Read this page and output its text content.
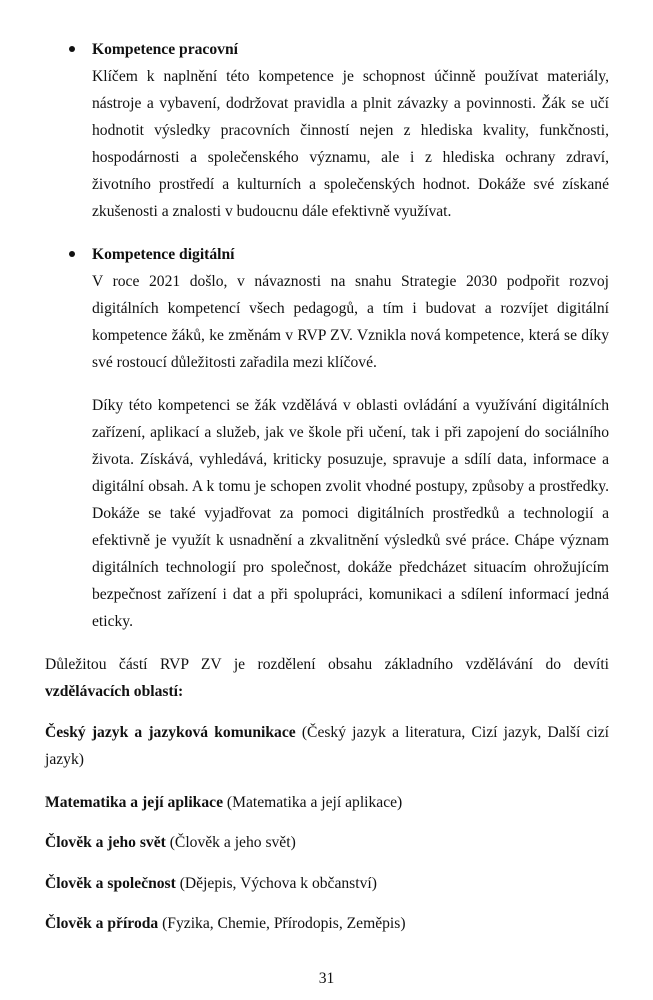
Kompetence pracovní

Klíčem k naplnění této kompetence je schopnost účinně používat materiály, nástroje a vybavení, dodržovat pravidla a plnit závazky a povinnosti. Žák se učí hodnotit výsledky pracovních činností nejen z hlediska kvality, funkčnosti, hospodárnosti a společenského významu, ale i z hlediska ochrany zdraví, životního prostředí a kulturních a společenských hodnot. Dokáže své získané zkušenosti a znalosti v budoucnu dále efektivně využívat.

Kompetence digitální

V roce 2021 došlo, v návaznosti na snahu Strategie 2030 podpořit rozvoj digitálních kompetencí všech pedagogů, a tím i budovat a rozvíjet digitální kompetence žáků, ke změnám v RVP ZV. Vznikla nová kompetence, která se díky své rostoucí důležitosti zařadila mezi klíčové.

Díky této kompetenci se žák vzdělává v oblasti ovládání a využívání digitálních zařízení, aplikací a služeb, jak ve škole při učení, tak i při zapojení do sociálního života. Získává, vyhledává, kriticky posuzuje, spravuje a sdílí data, informace a digitální obsah. A k tomu je schopen zvolit vhodné postupy, způsoby a prostředky. Dokáže se také vyjadřovat za pomoci digitálních prostředků a technologií a efektivně je využít k usnadnění a zkvalitnění výsledků své práce. Chápe význam digitálních technologií pro společnost, dokáže předcházet situacím ohrožujícím bezpečnost zařízení i dat a při spolupráci, komunikaci a sdílení informací jedná eticky.

Důležitou částí RVP ZV je rozdělení obsahu základního vzdělávání do devíti vzdělávacích oblastí:

Český jazyk a jazyková komunikace (Český jazyk a literatura, Cizí jazyk, Další cizí jazyk)

Matematika a její aplikace (Matematika a její aplikace)

Člověk a jeho svět (Člověk a jeho svět)

Člověk a společnost (Dějepis, Výchova k občanství)

Člověk a příroda (Fyzika, Chemie, Přírodopis, Zeměpis)

31
